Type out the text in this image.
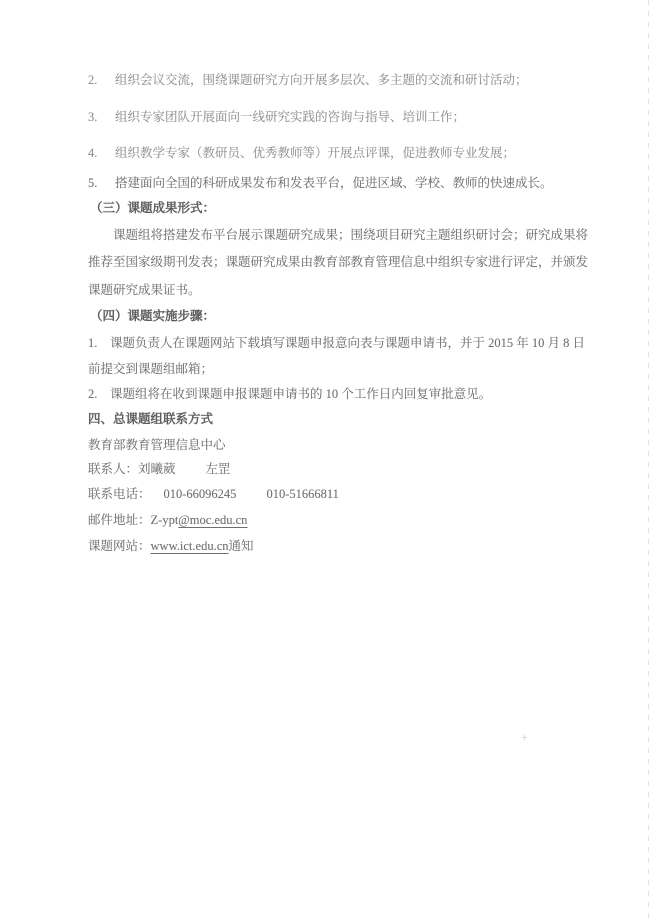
2. 组织会议交流，围绕课题研究方向开展多层次、多主题的交流和研讨活动；
3. 组织专家团队开展面向一线研究实践的咨询与指导、培训工作；
4. 组织教学专家（教研员、优秀教师等）开展点评课，促进教师专业发展；
5. 搭建面向全国的科研成果发布和发表平台，促进区域、学校、教师的快速成长。
（三）课题成果形式：
课题组将搭建发布平台展示课题研究成果；围绕项目研究主题组织研讨会；研究成果将
推荐至国家级期刊发表；课题研究成果由教育部教育管理信息中组织专家进行评定，并颁发
课题研究成果证书。
（四）课题实施步骤：
1. 课题负责人在课题网站下载填写课题申报意向表与课题申请书，并于 2015 年 10 月 8 日
前提交到课题组邮箱；
2. 课题组将在收到课题申报课题申请书的 10 个工作日内回复审批意见。
四、总课题组联系方式
教育部教育管理信息中心
联系人：刘曦葳 左罡
联系电话： 010-66096245 010-51666811
邮件地址：Z-ypt@moc.edu.cn
课题网站：www.ict.edu.cn通知
+
